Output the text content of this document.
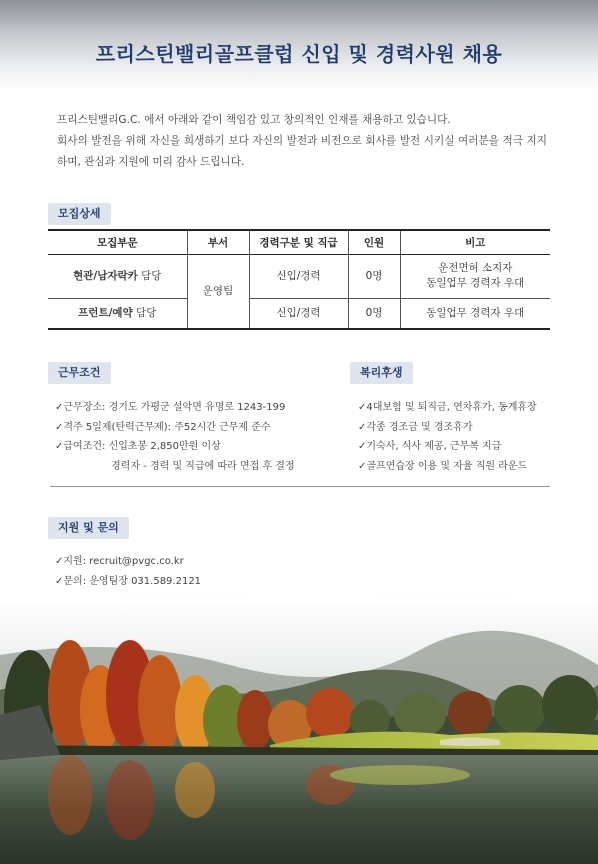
프리스틴밸리골프클럽 신입 및 경력사원 채용

프리스틴밸리G.C. 에서 아래와 같이 책임감 있고 창의적인 인재를 채용하고 있습니다.

회사의 발전을 위해 자신을 희생하기 보다 자신의 발전과 비전으로 회사를 발전 시키실 여러분을 적극 지지하며, 관심과 지원에 미리 감사 드립니다.

모집상세
모집부문	부서	경력구분 및 직급	인원	비고
현관/남자락카 담당	운영팀	신입/경력	0명	운전면허 소지자
동일업무 경력자 우대

프런트/예약 담당		신입/경력	0명	동일업무 경력자 우대
근무조건
✓근무장소: 경기도 가평군 설악면 유명로 1243-199
✓격주 5일제(탄력근무제): 주52시간 근무제 준수
✓급여조건: 신입초봉 2,850만원 이상
경력자 - 경력 및 직급에 따라 면접 후 결정
복리후생
✓4대보험 및 퇴직금, 연차휴가, 동계휴장
✓각종 경조금 및 경조휴가
✓기숙사, 식사 제공, 근무복 지급
✓골프연습장 이용 및 자율 직원 라운드
지원 및 문의
✓지원: recruit@pvgc.co.kr
✓문의: 운영팀장 031.589.2121
